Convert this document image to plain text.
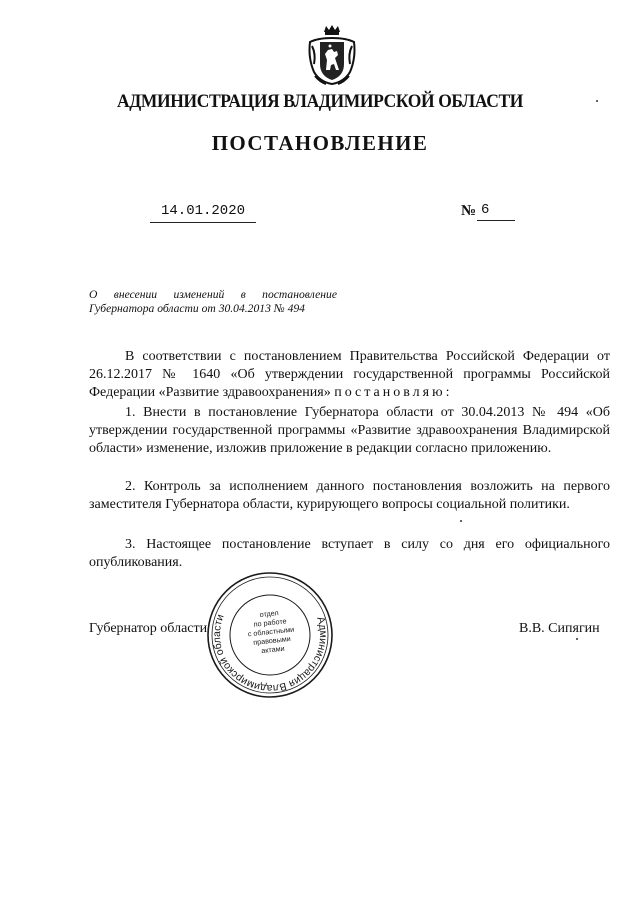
АДМИНИСТРАЦИЯ ВЛАДИМИРСКОЙ ОБЛАСТИ
ПОСТАНОВЛЕНИЕ
14.01.2020	№ 6
О внесении изменений в постановление
Губернатора области от 30.04.2013 № 494

В соответствии с постановлением Правительства Российской Федерации от 26.12.2017 № 1640 «Об утверждении государственной программы Российской Федерации «Развитие здравоохранения» постановляю:

1. Внести в постановление Губернатора области от 30.04.2013 № 494 «Об утверждении государственной программы «Развитие здравоохранения Владимирской области» изменение, изложив приложение в редакции согласно приложению.

2. Контроль за исполнением данного постановления возложить на первого заместителя Губернатора области, курирующего вопросы социальной политики.

3. Настоящее постановление вступает в силу со дня его официального опубликования.

Губернатор области	В.В. Сипягин
Администрация Владимирской области	отдел
по работе
с областными
правовыми
актами
